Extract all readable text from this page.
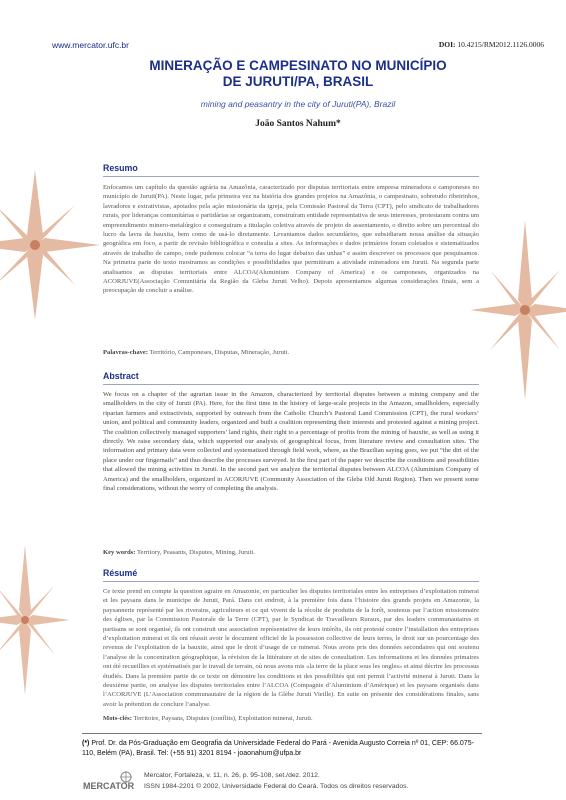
www.mercator.ufc.br	DOI: 10.4215/RM2012.1126.0006
MINERAÇÃO E CAMPESINATO NO MUNICÍPIO
DE JURUTI/PA, BRASIL
mining and peasantry in the city of Juruti(PA), Brazil
João Santos Nahum*
Resumo
Enfocamos um capítulo da questão agrária na Amazônia, caracterizado por disputas territoriais entre empresa mineradora e camponeses no município de Juruti(PA). Neste lugar, pela primeira vez na história dos grandes projetos na Amazônia, o campesinato, sobretudo ribeirinhos, lavradores e extrativistas, apoiados pela ação missionária da igreja, pela Comissão Pastoral da Terra (CPT), pelo sindicato de trabalhadores rurais, por lideranças comunitárias e partidárias se organizaram, construíram entidade representativa de seus interesses, protestaram contra um empreendimento minero-metalúrgico e conseguiram a titulação coletiva através de projeto de assentamento, o direito sobre um percentual do lucro da lavra da bauxita, bem como de usá-lo diretamente. Levantamos dados secundários, que subsidiaram nossa análise da situação geográfica em foco, a partir de revisão bibliográfica e consulta a sites. As informações e dados primários foram coletados e sistematizados através de trabalho de campo, onde pudemos colocar “a terra do lugar debaixo das unhas” e assim descrever os processos que pesquisamos. Na primeira parte do texto mostramos as condições e possibilidades que permitiram a atividade mineradora em Juruti. Na segunda parte analisamos as disputas territoriais entre ALCOA(Aluminium Company of America) e os camponeses, organizados na ACORJUVE(Associação Comunitária da Região da Gleba Juruti Velho). Depois apresentamos algumas considerações finais, sem a preocupação de concluir a análise.
Palavras-chave: Território, Camponeses, Disputas, Mineração, Juruti.
Abstract
We focus on a chapter of the agrarian issue in the Amazon, characterized by territorial disputes between a mining company and the smallholders in the city of Juruti (PA). Here, for the first time in the history of large-scale projects in the Amazon, smallholders, especially riparian farmers and extractivists, supported by outreach from the Catholic Church’s Pastoral Land Commission (CPT), the rural workers’ union, and political and community leaders, organized and built a coalition representing their interests and protested against a mining project. The coalition collectively managed supporters’ land rights, their right to a percentage of profits from the mining of bauxite, as well as using it directly. We raise secondary data, which supported our analysis of geographical focus, from literature review and consultation sites. The information and primary data were collected and systematized through field work, where, as the Brazilian saying goes, we put “the dirt of the place under our fingernails” and thus describe the processes surveyed. In the first part of the paper we describe the conditions and possibilities that allowed the mining activities in Juruti. In the second part we analyze the territorial disputes between ALCOA (Aluminium Company of America) and the smallholders, organized in ACORJUVE (Community Association of the Gleba Old Juruti Region). Then we present some final considerations, without the worry of completing the analysis.
Key words: Territory, Peasants, Disputes, Mining, Juruti.
Résumé
Ce texte prend en compte la question agraire en Amazonie, en particulier les disputes territoriales entre les entreprises d’exploitation minerai et les paysans dans le municipe de Juruti, Pará. Dans cet endroit, à la première fois dans l’histoire des grands projets en Amazonie, la paysannerie représenté par les riverains, agriculteurs et ce qui vivent de la récolte de produits de la forêt, soutenus par l’action missionnaire des églises, par la Commission Pastorale de la Terre (CPT), par le Syndicat de Travailleurs Ruraux, par des leaders communautaires et partisans se sont organisé, ils ont construit une association représentative de leurs intérêts, ils ont protesté contre l’installation des entreprises d’exploitation minerai et ils ont réussit avoir le document officiel de la possession collective de leurs terres, le droit sur un pourcentage des revenus de l’exploitation de la bauxite, ainsi que le droit d’usage de ce minerai. Nous avons pris des données secondaires qui ont soutenu l’analyse de la concentration géographique, la révision de la littérature et de sites de consultation. Les informations et les données primaires ont été recueillies et systématisés par le travail de terrain, où nous avons mis «la terre de la place sous les ongles» et ainsi décrire les processus étudiés. Dans la première partie de ce texte on démontre les conditions et des possibilités qui ont permit l’activité minerai à Juruti. Dans la deuxième partie, on analyse les disputes territoriales entre l’ALCOA (Compagnie d’Aluminium d’Amérique) et les paysans organisés dans l’ACORJUVE (L’Association communautaire de la région de la Glèbe Juruti Vieille). En suite on présente des considérations finales, sans avoir la prétention de conclure l’analyse.
Mots-clés: Territoire, Paysans, Disputes (conflits), Exploitation minerai, Juruti.
(*) Prof. Dr. da Pós-Graduação em Geografia da Universidade Federal do Pará - Avenida Augusto Correia nº 01, CEP: 66.075-110, Belém (PA), Brasil. Tel: (+55 91) 3201 8194 - joaonahum@ufpa.br
MERCATOR
Mercator, Fortaleza, v. 11, n. 26, p. 95-108, set./dez. 2012.
ISSN 1984-2201 © 2002, Universidade Federal do Ceará. Todos os direitos reservados.
